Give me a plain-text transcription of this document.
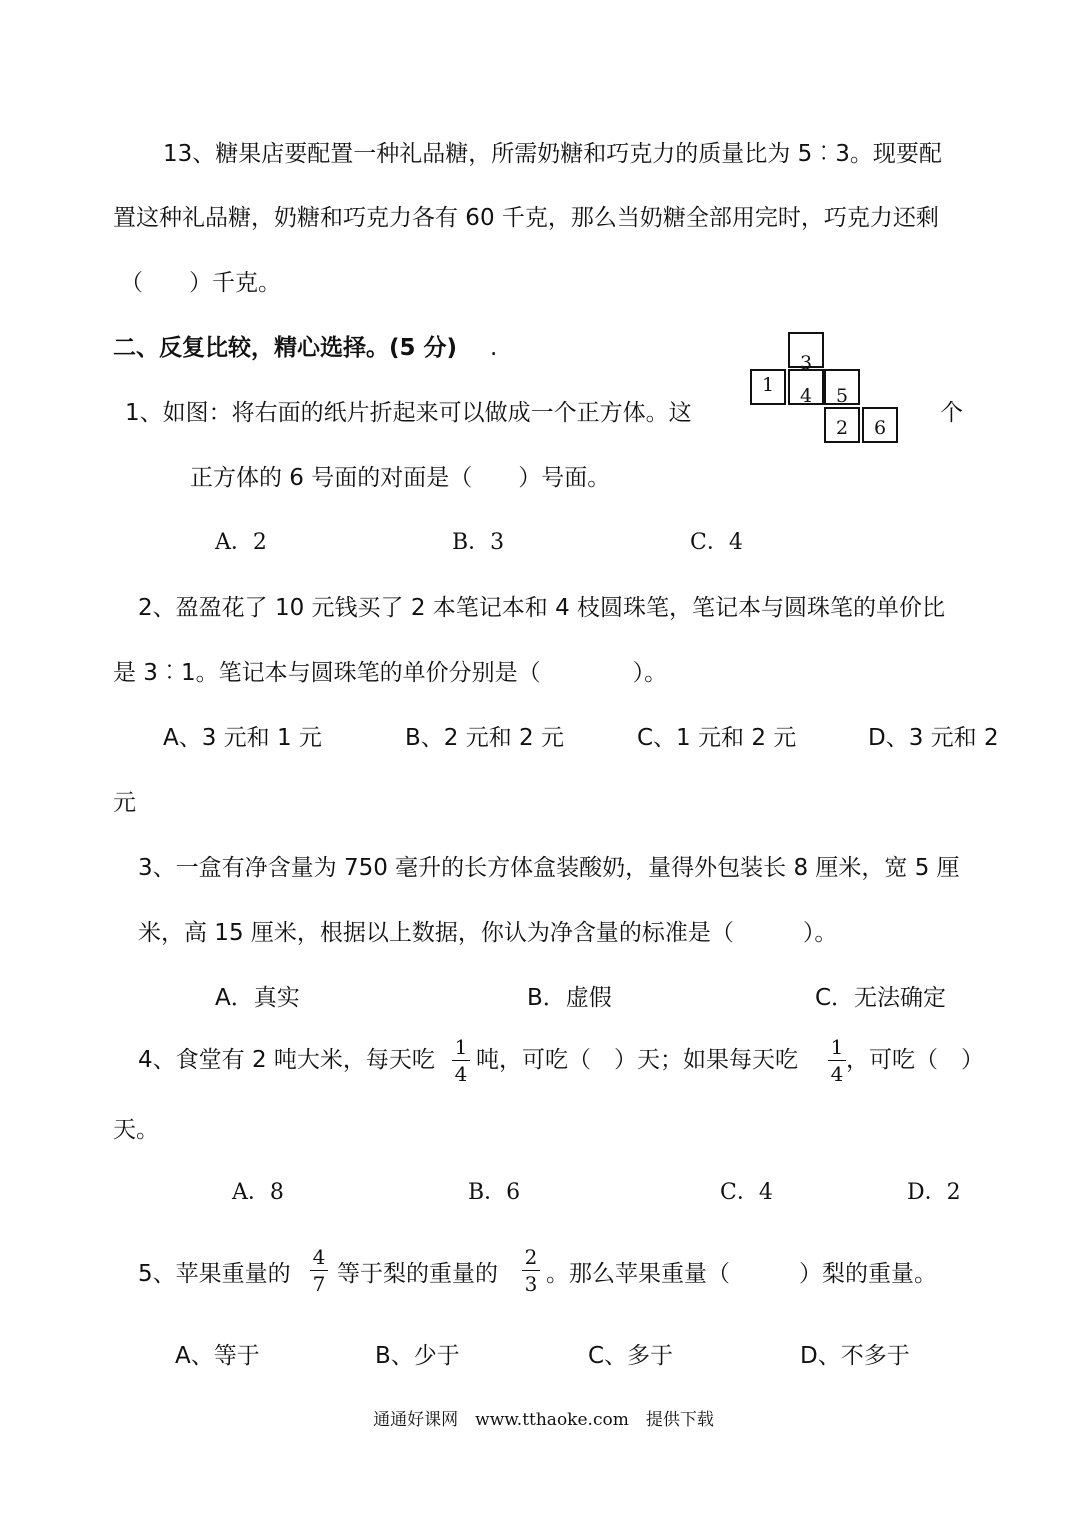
13、糖果店要配置一种礼品糖，所需奶糖和巧克力的质量比为 5︰3。现要配
置这种礼品糖，奶糖和巧克力各有 60 千克，那么当奶糖全部用完时，巧克力还剩
（　　）千克。
二、反复比较，精心选择。(5 分) .
1、如图：将右面的纸片折起来可以做成一个正方体。这	个
1
3
4	5
2	6
正方体的 6 号面的对面是（　　）号面。
A．2	B．3	C．4
2、盈盈花了 10 元钱买了 2 本笔记本和 4 枝圆珠笔，笔记本与圆珠笔的单价比
是 3︰1。笔记本与圆珠笔的单价分别是（　　　　）。
A、3 元和 1 元	B、2 元和 2 元	C、1 元和 2 元	D、3 元和 2
元
3、一盒有净含量为 750 毫升的长方体盒装酸奶，量得外包装长 8 厘米，宽 5 厘
米，高 15 厘米，根据以上数据，你认为净含量的标准是（　　　）。
A．真实	B．虚假	C．无法确定
4、食堂有 2 吨大米，每天吃 1
4
吨，可吃（　）天；如果每天吃 1
4
，可吃（　）
天。
A．8	B．6	C．4	D．2
5、苹果重量的
4
7 等于梨的重量的
2
3 。那么苹果重量（　　　）梨的重量。
A、等于	B、少于	C、多于	D、不多于
通通好课网　www.tthaoke.com　提供下载
